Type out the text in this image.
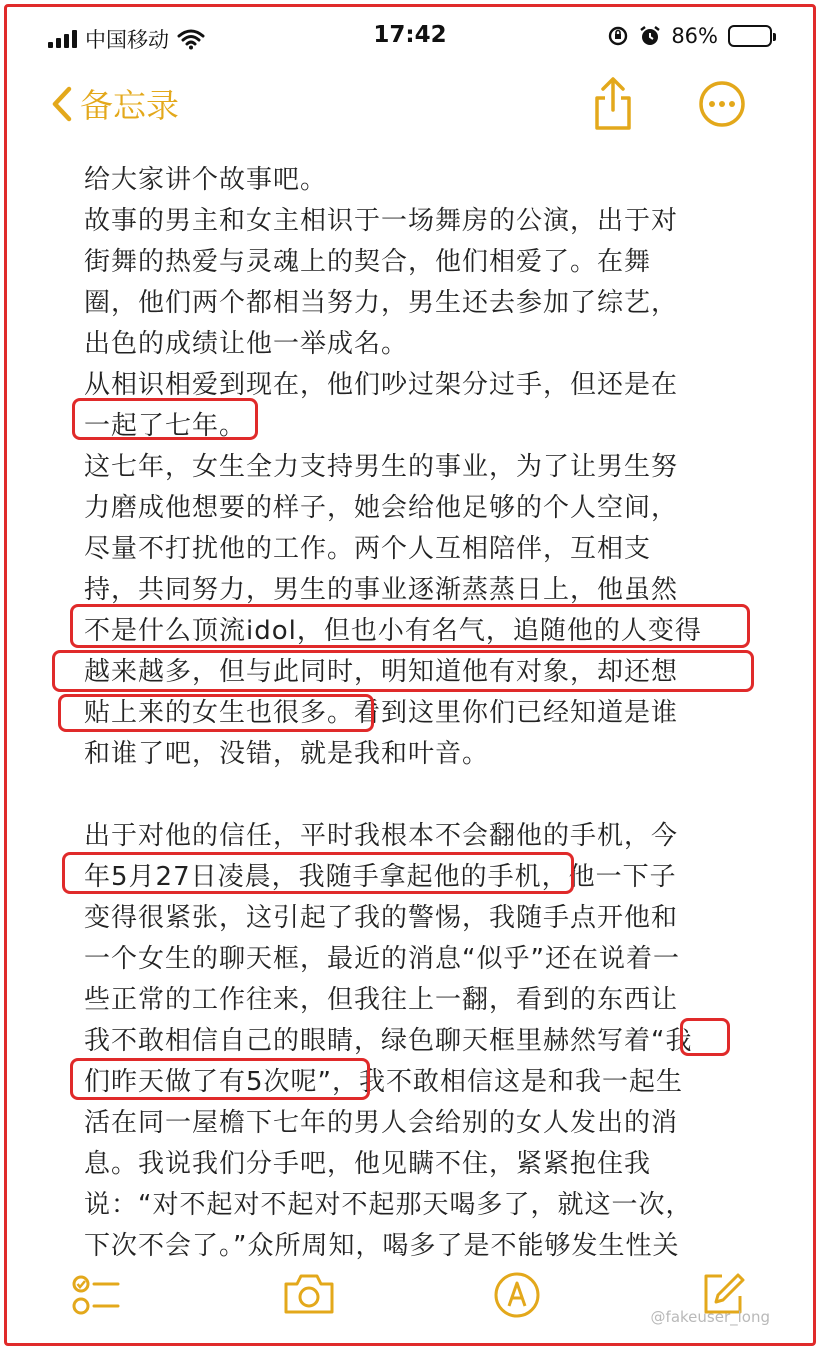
中国移动	17:42	86%
备忘录
给大家讲个故事吧。
故事的男主和女主相识于一场舞房的公演，出于对
街舞的热爱与灵魂上的契合，他们相爱了。在舞
圈，他们两个都相当努力，男生还去参加了综艺，
出色的成绩让他一举成名。
从相识相爱到现在，他们吵过架分过手，但还是在
一起了七年。
这七年，女生全力支持男生的事业，为了让男生努
力磨成他想要的样子，她会给他足够的个人空间，
尽量不打扰他的工作。两个人互相陪伴，互相支
持，共同努力，男生的事业逐渐蒸蒸日上，他虽然
不是什么顶流idol，但也小有名气，追随他的人变得
越来越多，但与此同时，明知道他有对象，却还想
贴上来的女生也很多。看到这里你们已经知道是谁
和谁了吧，没错，就是我和叶音。
出于对他的信任，平时我根本不会翻他的手机，今
年5月27日凌晨，我随手拿起他的手机，他一下子
变得很紧张，这引起了我的警惕，我随手点开他和
一个女生的聊天框，最近的消息“似乎”还在说着一
些正常的工作往来，但我往上一翻，看到的东西让
我不敢相信自己的眼睛，绿色聊天框里赫然写着“我
们昨天做了有5次呢”，我不敢相信这是和我一起生
活在同一屋檐下七年的男人会给别的女人发出的消
息。我说我们分手吧，他见瞒不住，紧紧抱住我
说：“对不起对不起对不起那天喝多了，就这一次，
下次不会了。”众所周知，喝多了是不能够发生性关
@fakeuser_long
